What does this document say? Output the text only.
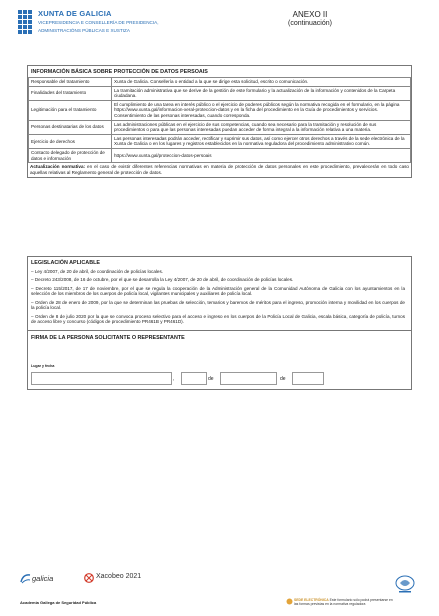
XUNTA DE GALICIA
VICEPRESIDENCIA E CONSELLERÍA DE PRESIDENCIA,
ADMINISTRACIÓNS PÚBLICAS E XUSTIZA
ANEXO II
(continuación)
INFORMACIÓN BÁSICA SOBRE PROTECCIÓN DE DATOS PERSOAIS
Responsable del tratamiento	Xunta de Galicia. Consellería o entidad a la que se dirige esta solicitud, escrito o comunicación.
Finalidades del tratamiento	La tramitación administrativa que se derive de la gestión de este formulario y la actualización de la información y contenidos de la Carpeta ciudadana.
Legitimación para el tratamiento	El cumplimiento de una tarea en interés público o el ejercicio de poderes públicos según la normativa recogida en el formulario, en la página https://www.xunta.gal/informacion-xeral-proteccion-datos y en la ficha del procedimiento en la Guía de procedimientos y servicios. Consentimiento de las personas interesadas, cuando corresponda.
Personas destinatarias de los datos	Las administraciones públicas en el ejercicio de sus competencias, cuando sea necesario para la tramitación y resolución de sus procedimientos o para que las personas interesadas puedan acceder de forma integral a la información relativa a una materia.
Ejercicio de derechos	Las personas interesadas podrán acceder, rectificar y suprimir sus datos, así como ejercer otros derechos a través de la sede electrónica de la Xunta de Galicia o en los lugares y registros establecidos en la normativa reguladora del procedimiento administrativo común.
Contacto delegado de protección de datos e información	https://www.xunta.gal/proteccion-datos-persoais
Actualización normativa: en el caso de existir diferentes referencias normativas en materia de protección de datos personales en este procedimiento, prevalecerán en todo caso aquellas relativas al Reglamento general de protección de datos.
LEGISLACIÓN APLICABLE
– Ley 4/2007, de 20 de abril, de coordinación de policías locales.
– Decreto 243/2008, de 16 de octubre, por el que se desarrolla la Ley 4/2007, de 20 de abril, de coordinación de policías locales.
– Decreto 115/2017, de 17 de noviembre, por el que se regula la cooperación de la Administración general de la Comunidad Autónoma de Galicia con los ayuntamientos en la selección de los miembros de los cuerpos de policía local, vigilantes municipales y auxiliares de policía local.
– Orden de 28 de enero de 2009, por la que se determinan las pruebas de selección, temarios y baremos de méritos para el ingreso, promoción interna y movilidad en los cuerpos de la policía local.
– Orden de 8 de julio 2020 por la que se convoca proceso selectivo para el acceso e ingreso en los cuerpos de la Policía Local de Galicia, escala básica, categoría de policía, turnos de acceso libre y concurso (códigos de procedimiento PR461B y PR461D).
FIRMA DE LA PERSONA SOLICITANTE O REPRESENTANTE
Lugar y fecha
,	de	de
galicia	Xacobeo 2021
Academia Gallega de Seguridad Pública	SEDE ELECTRÓNICA Este formulario sólo podrá presentarse en
las formas previstas en la normativa reguladora
